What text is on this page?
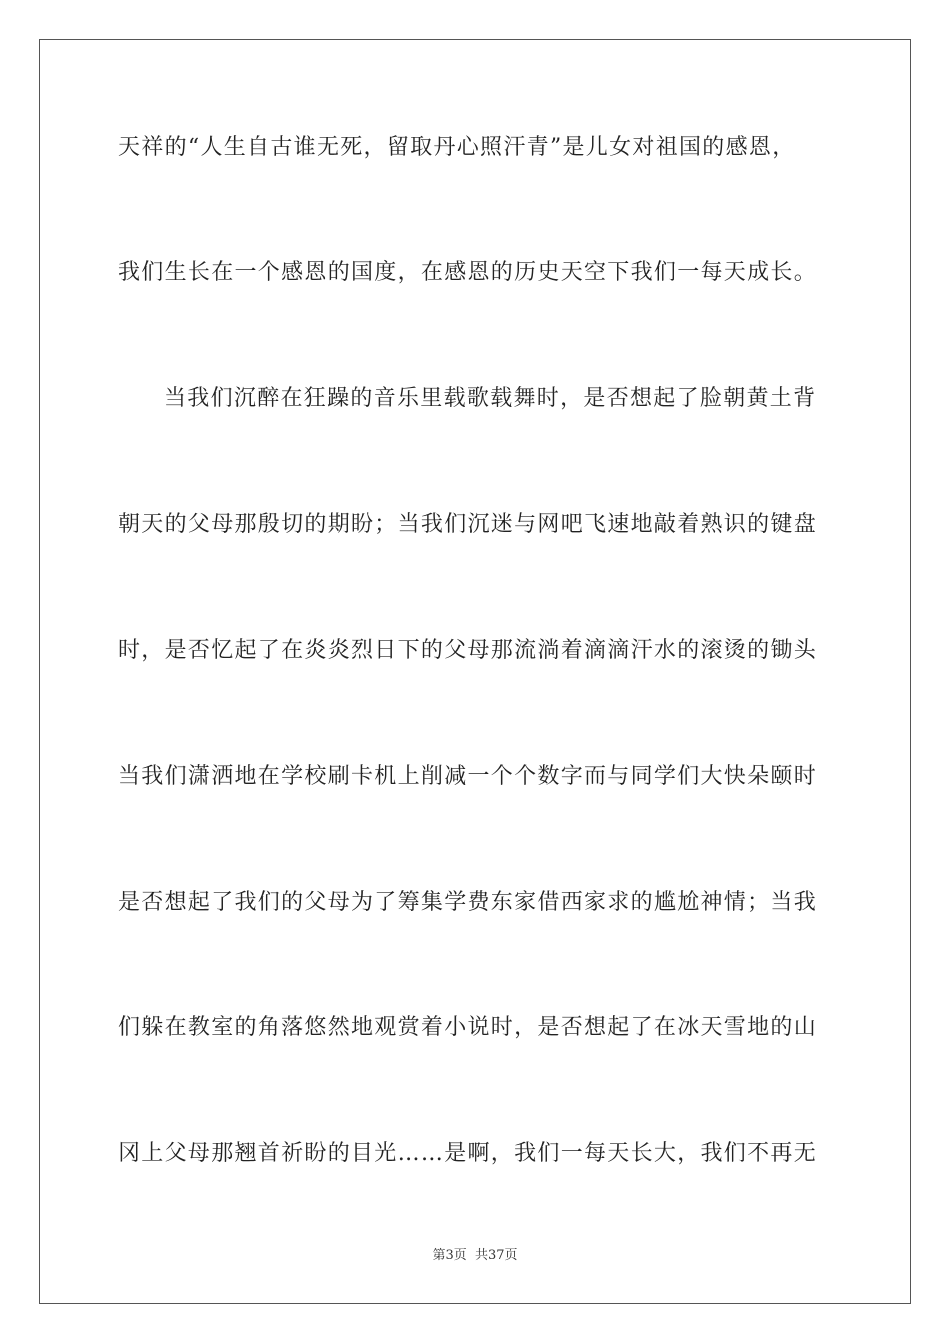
天祥的“人生自古谁无死，留取丹心照汗青”是儿女对祖国的感恩，
我们生长在一个感恩的国度，在感恩的历史天空下我们一每天成长。
当我们沉醉在狂躁的音乐里载歌载舞时，是否想起了脸朝黄土背
朝天的父母那殷切的期盼；当我们沉迷与网吧飞速地敲着熟识的键盘
时，是否忆起了在炎炎烈日下的父母那流淌着滴滴汗水的滚烫的锄头
当我们潇洒地在学校刷卡机上削减一个个数字而与同学们大快朵颐时
是否想起了我们的父母为了筹集学费东家借西家求的尴尬神情；当我
们躲在教室的角落悠然地观赏着小说时，是否想起了在冰天雪地的山
冈上父母那翘首祈盼的目光……是啊，我们一每天长大，我们不再无
第3页 共37页
